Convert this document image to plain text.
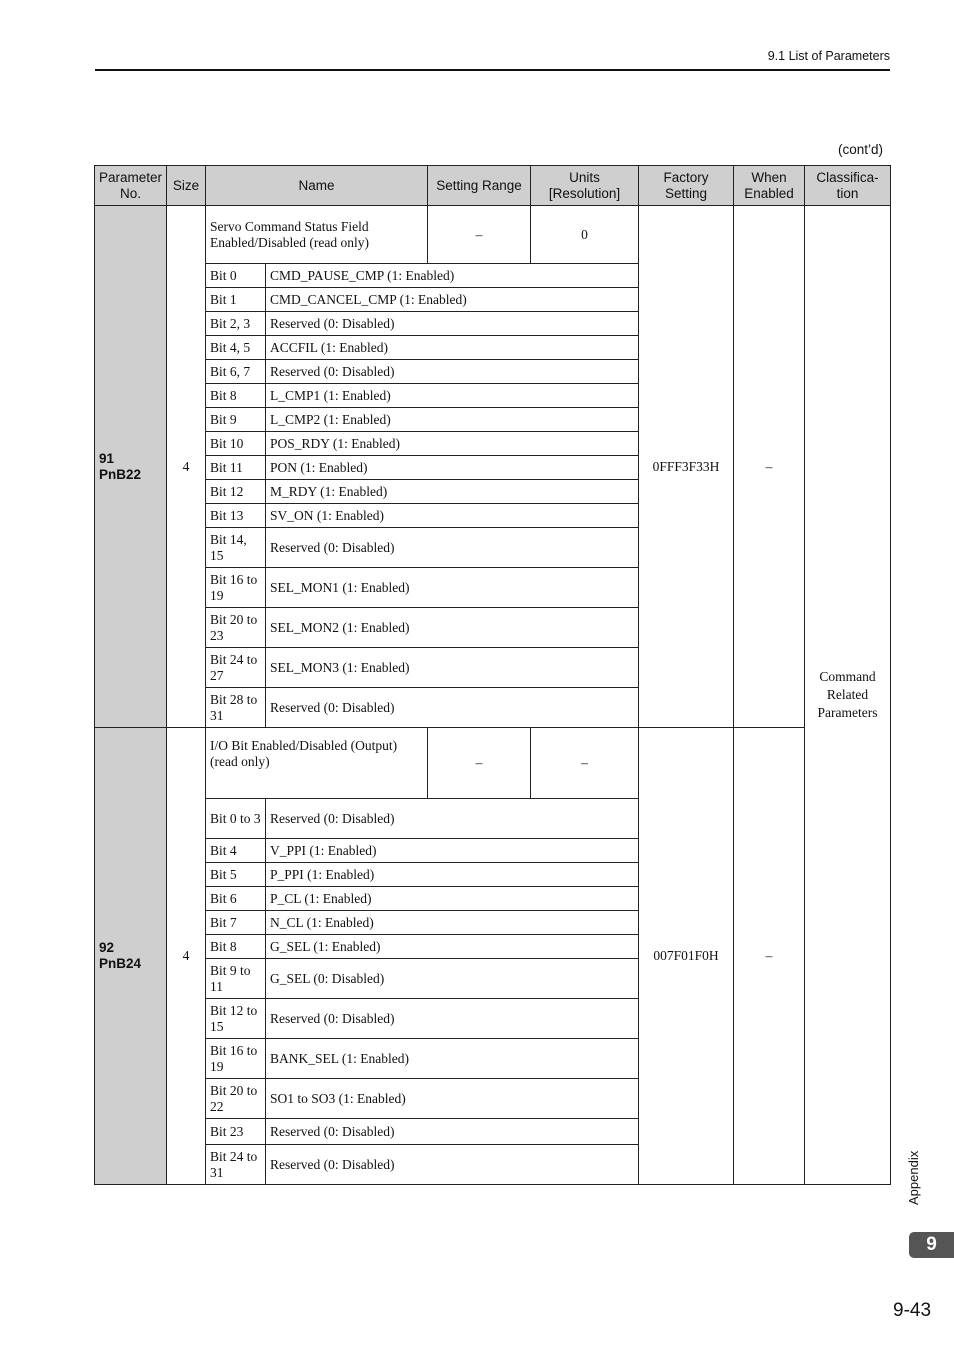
9.1 List of Parameters
(cont’d)
Parameter No.	Size	Name		Setting Range	Units [Resolution]	Factory Setting	When Enabled	Classifica-tion
91
PnB22	4	Servo Command Status Field Enabled/Disabled (read only)		–	0	0FFF3F33H	–	Command Related Parameters
		Bit 0	CMD_PAUSE_CMP (1: Enabled)					
		Bit 1	CMD_CANCEL_CMP (1: Enabled)					
		Bit 2, 3	Reserved (0: Disabled)					
		Bit 4, 5	ACCFIL (1: Enabled)					
		Bit 6, 7	Reserved (0: Disabled)					
		Bit 8	L_CMP1 (1: Enabled)					
		Bit 9	L_CMP2 (1: Enabled)					
		Bit 10	POS_RDY (1: Enabled)					
		Bit 11	PON (1: Enabled)					
		Bit 12	M_RDY (1: Enabled)					
		Bit 13	SV_ON (1: Enabled)					
		Bit 14, 15	Reserved (0: Disabled)					
		Bit 16 to 19	SEL_MON1 (1: Enabled)					
		Bit 20 to 23	SEL_MON2 (1: Enabled)					
		Bit 24 to 27	SEL_MON3 (1: Enabled)					
		Bit 28 to 31	Reserved (0: Disabled)					
92
PnB24	4	I/O Bit Enabled/Disabled (Output) (read only)		–	–	007F01F0H	–	
		Bit 0 to 3	Reserved (0: Disabled)					
		Bit 4	V_PPI (1: Enabled)					
		Bit 5	P_PPI (1: Enabled)					
		Bit 6	P_CL (1: Enabled)					
		Bit 7	N_CL (1: Enabled)					
		Bit 8	G_SEL (1: Enabled)					
		Bit 9 to 11	G_SEL (0: Disabled)					
		Bit 12 to 15	Reserved (0: Disabled)					
		Bit 16 to 19	BANK_SEL (1: Enabled)					
		Bit 20 to 22	SO1 to SO3 (1: Enabled)					
		Bit 23	Reserved (0: Disabled)					
		Bit 24 to 31	Reserved (0: Disabled)						Appendix
9
9-43
